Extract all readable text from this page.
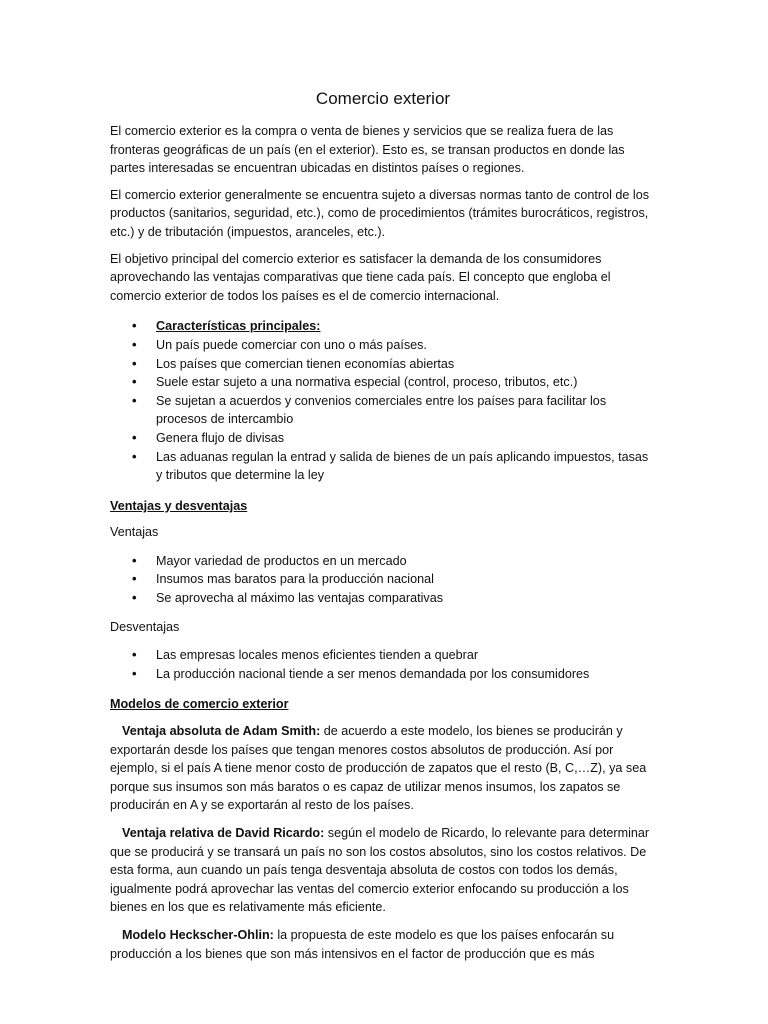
Comercio exterior

El comercio exterior es la compra o venta de bienes y servicios que se realiza fuera de las fronteras geográficas de un país (en el exterior). Esto es, se transan productos en donde las partes interesadas se encuentran ubicadas en distintos países o regiones.

El comercio exterior generalmente se encuentra sujeto a diversas normas tanto de control de los productos (sanitarios, seguridad, etc.), como de procedimientos (trámites burocráticos, registros, etc.) y de tributación (impuestos, aranceles, etc.).

El objetivo principal del comercio exterior es satisfacer la demanda de los consumidores aprovechando las ventajas comparativas que tiene cada país. El concepto que engloba el comercio exterior de todos los países es el de comercio internacional.

• Características principales:
• Un país puede comerciar con uno o más países.
• Los países que comercian tienen economías abiertas
• Suele estar sujeto a una normativa especial (control, proceso, tributos, etc.)
• Se sujetan a acuerdos y convenios comerciales entre los países para facilitar los procesos de intercambio
• Genera flujo de divisas
• Las aduanas regulan la entrad y salida de bienes de un país aplicando impuestos, tasas y tributos que determine la ley
Ventajas y desventajas

Ventajas

• Mayor variedad de productos en un mercado
• Insumos mas baratos para la producción nacional
• Se aprovecha al máximo las ventajas comparativas

Desventajas

• Las empresas locales menos eficientes tienden a quebrar
• La producción nacional tiende a ser menos demandada por los consumidores
Modelos de comercio exterior

Ventaja absoluta de Adam Smith: de acuerdo a este modelo, los bienes se producirán y exportarán desde los países que tengan menores costos absolutos de producción. Así por ejemplo, si el país A tiene menor costo de producción de zapatos que el resto (B, C,…Z), ya sea porque sus insumos son más baratos o es capaz de utilizar menos insumos, los zapatos se producirán en A y se exportarán al resto de los países.

Ventaja relativa de David Ricardo: según el modelo de Ricardo, lo relevante para determinar que se producirá y se transará un país no son los costos absolutos, sino los costos relativos. De esta forma, aun cuando un país tenga desventaja absoluta de costos con todos los demás, igualmente podrá aprovechar las ventas del comercio exterior enfocando su producción a los bienes en los que es relativamente más eficiente.

Modelo Heckscher-Ohlin: la propuesta de este modelo es que los países enfocarán su producción a los bienes que son más intensivos en el factor de producción que es más
